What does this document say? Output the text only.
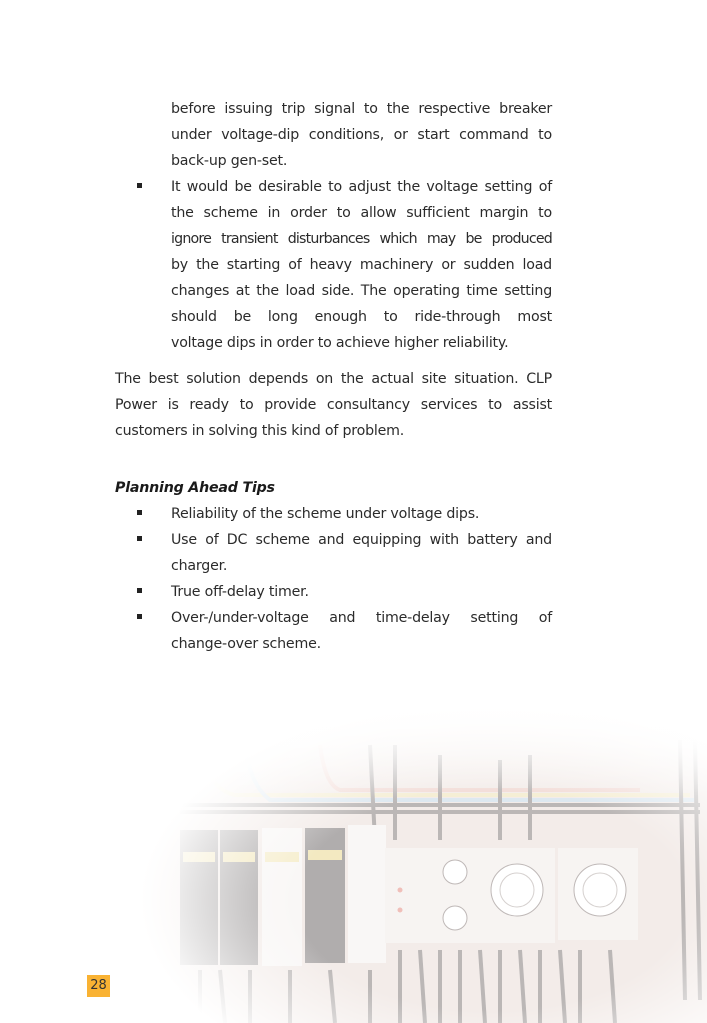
before issuing trip signal to the respective breaker
under voltage-dip conditions, or start command to
back-up gen-set.
It would be desirable to adjust the voltage setting of
the scheme in order to allow sufficient margin to
ignore transient disturbances which may be produced
by the starting of heavy machinery or sudden load
changes at the load side. The operating time setting
should be long enough to ride-through most
voltage dips in order to achieve higher reliability.
The best solution depends on the actual site situation. CLP
Power is ready to provide consultancy services to assist
customers in solving this kind of problem.
Planning Ahead Tips
Reliability of the scheme under voltage dips.
Use of DC scheme and equipping with battery and
charger.
True off-delay timer.
Over-/under-voltage and time-delay setting of
change-over scheme.
28
